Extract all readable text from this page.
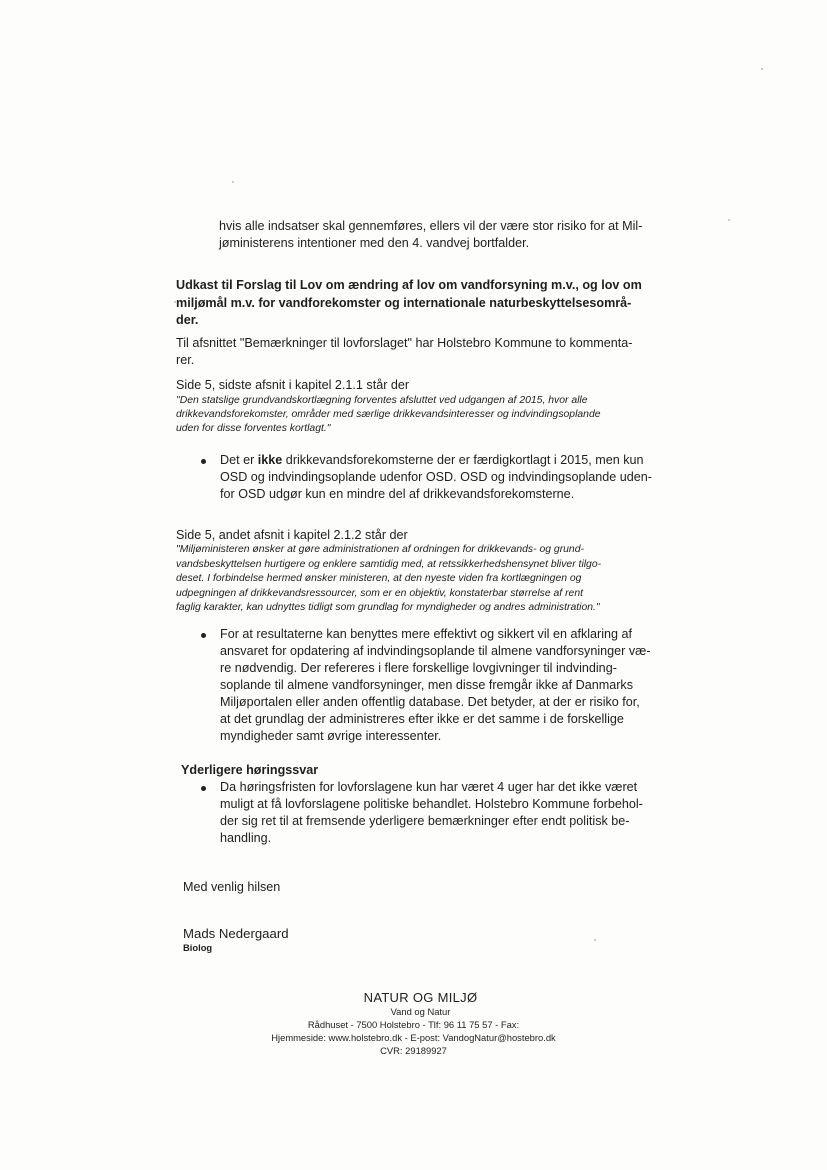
hvis alle indsatser skal gennemføres, ellers vil der være stor risiko for at Mil-
jøministerens intentioner med den 4. vandvej bortfalder.
Udkast til Forslag til Lov om ændring af lov om vandforsyning m.v., og lov om
miljømål m.v. for vandforekomster og internationale naturbeskyttelsesområ-
der.
Til afsnittet "Bemærkninger til lovforslaget" har Holstebro Kommune to kommenta-
rer.
Side 5, sidste afsnit i kapitel 2.1.1 står der
"Den statslige grundvandskortlægning forventes afsluttet ved udgangen af 2015, hvor alle
drikkevandsforekomster, områder med særlige drikkevandsinteresser og indvindingsoplande
uden for disse forventes kortlagt."
Det er ikke drikkevandsforekomsterne der er færdigkortlagt i 2015, men kun
OSD og indvindingsoplande udenfor OSD. OSD og indvindingsoplande uden-
for OSD udgør kun en mindre del af drikkevandsforekomsterne.
Side 5, andet afsnit i kapitel 2.1.2 står der
"Miljøministeren ønsker at gøre administrationen af ordningen for drikkevands- og grund-
vandsbeskyttelsen hurtigere og enklere samtidig med, at retssikkerhedshensynet bliver tilgo-
deset. I forbindelse hermed ønsker ministeren, at den nyeste viden fra kortlægningen og
udpegningen af drikkevandsressourcer, som er en objektiv, konstaterbar størrelse af rent
faglig karakter, kan udnyttes tidligt som grundlag for myndigheder og andres administration."
For at resultaterne kan benyttes mere effektivt og sikkert vil en afklaring af
ansvaret for opdatering af indvindingsoplande til almene vandforsyninger væ-
re nødvendig. Der refereres i flere forskellige lovgivninger til indvinding-
soplande til almene vandforsyninger, men disse fremgår ikke af Danmarks
Miljøportalen eller anden offentlig database. Det betyder, at der er risiko for,
at det grundlag der administreres efter ikke er det samme i de forskellige
myndigheder samt øvrige interessenter.
Yderligere høringssvar
Da høringsfristen for lovforslagene kun har været 4 uger har det ikke været
muligt at få lovforslagene politiske behandlet. Holstebro Kommune forbehol-
der sig ret til at fremsende yderligere bemærkninger efter endt politisk be-
handling.
Med venlig hilsen
Mads Nedergaard
Biolog
NATUR OG MILJØ
Vand og Natur
Rådhuset - 7500 Holstebro - Tlf: 96 11 75 57 - Fax:
Hjemmeside: www.holstebro.dk - E-post: VandogNatur@hostebro.dk
CVR: 29189927
